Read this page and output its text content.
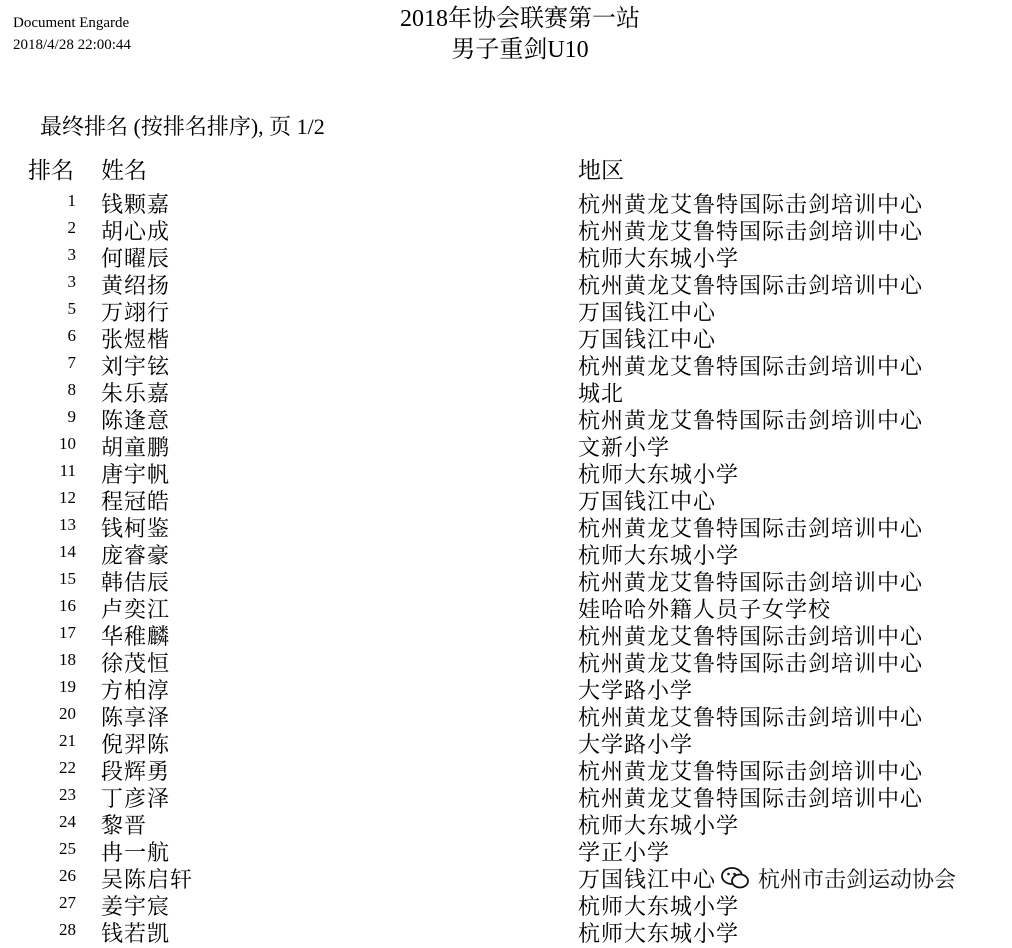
Document Engarde
2018/4/28 22:00:44
2018年协会联赛第一站
男子重剑U10
最终排名 (按排名排序), 页 1/2
排名 姓名	地区
1 钱颗嘉	杭州黄龙艾鲁特国际击剑培训中心
2 胡心成	杭州黄龙艾鲁特国际击剑培训中心
3 何曜辰	杭师大东城小学
3 黄绍扬	杭州黄龙艾鲁特国际击剑培训中心
5 万翊行	万国钱江中心
6 张煜楷	万国钱江中心
7 刘宇铉	杭州黄龙艾鲁特国际击剑培训中心
8 朱乐嘉	城北
9 陈逢意	杭州黄龙艾鲁特国际击剑培训中心
10 胡童鹏	文新小学
11 唐宇帆	杭师大东城小学
12 程冠皓	万国钱江中心
13 钱柯鉴	杭州黄龙艾鲁特国际击剑培训中心
14 庞睿豪	杭师大东城小学
15 韩佶辰	杭州黄龙艾鲁特国际击剑培训中心
16 卢奕江	娃哈哈外籍人员子女学校
17 华稚麟	杭州黄龙艾鲁特国际击剑培训中心
18 徐茂恒	杭州黄龙艾鲁特国际击剑培训中心
19 方柏淳	大学路小学
20 陈享泽	杭州黄龙艾鲁特国际击剑培训中心
21 倪羿陈	大学路小学
22 段辉勇	杭州黄龙艾鲁特国际击剑培训中心
23 丁彦泽	杭州黄龙艾鲁特国际击剑培训中心
24 黎晋	杭师大东城小学
25 冉一航	学正小学
26 吴陈启轩	万国钱江中心
27 姜宇宸	杭师大东城小学
28 钱若凯	杭师大东城小学
杭州市击剑运动协会
